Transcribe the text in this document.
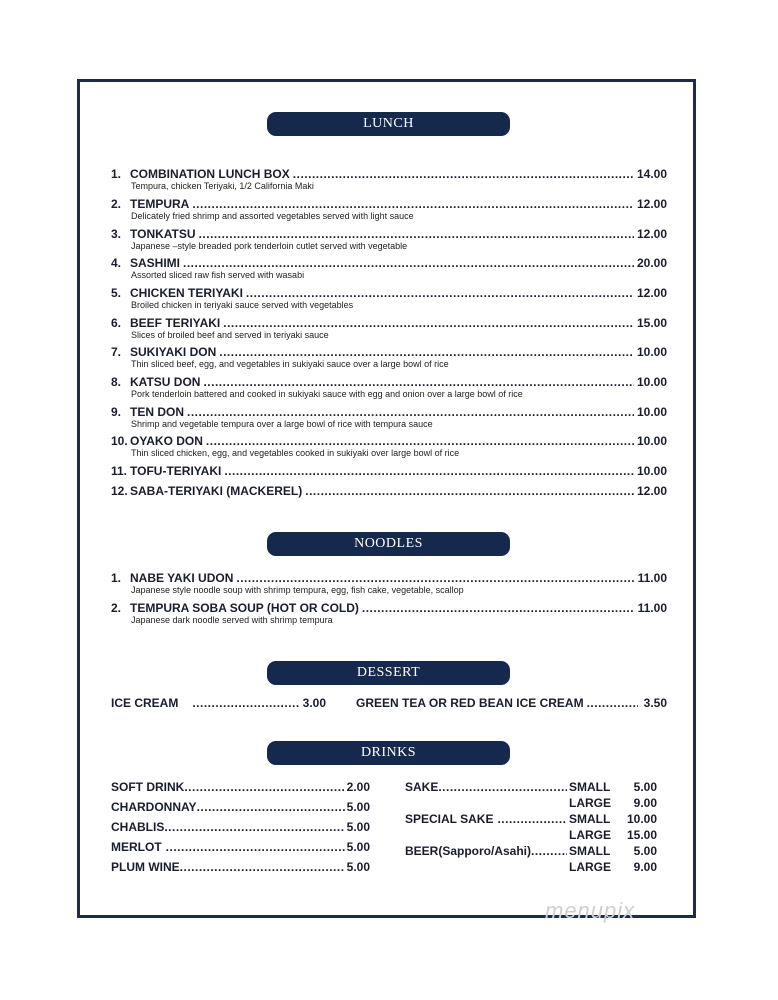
LUNCH
1. COMBINATION LUNCH BOX .....	14.00
Tempura, chicken Teriyaki, 1/2 California Maki
2. TEMPURA .....	12.00
Delicately fried shrimp and assorted vegetables served with light sauce
3. TONKATSU .....	12.00
Japanese –style breaded pork tenderloin cutlet served with vegetable
4. SASHIMI .....	20.00
Assorted sliced raw fish served with wasabi
5. CHICKEN TERIYAKI .....	12.00
Broiled chicken in teriyaki sauce served with vegetables
6. BEEF TERIYAKI .....	15.00
Slices of broiled beef and served in teriyaki sauce
7. SUKIYAKI DON .....	10.00
Thin sliced beef, egg, and vegetables in sukiyaki sauce over a large bowl of rice
8. KATSU DON .....	10.00
Pork tenderloin battered and cooked in sukiyaki sauce with egg and onion over a large bowl of rice
9. TEN DON .....	10.00
Shrimp and vegetable tempura over a large bowl of rice with tempura sauce
10. OYAKO DON .....	10.00
Thin sliced chicken, egg, and vegetables cooked in sukiyaki over large bowl of rice
11. TOFU-TERIYAKI .....	10.00
12. SABA-TERIYAKI (MACKEREL) .....	12.00
NOODLES
1. NABE YAKI UDON .....	11.00
Japanese style noodle soup with shrimp tempura, egg, fish cake, vegetable, scallop
2. TEMPURA SOBA SOUP (HOT OR COLD) .....	11.00
Japanese dark noodle served with shrimp tempura
DESSERT
ICE CREAM .....	3.00	GREEN TEA OR RED BEAN ICE CREAM .....	3.50
DRINKS
SOFT DRINK .....	2.00
CHARDONNAY .....	5.00
CHABLIS .....	5.00
MERLOT .....	5.00
PLUM WINE .....	5.00
SAKE .....	SMALL	5.00
LARGE	9.00
SPECIAL SAKE .....	SMALL	10.00
LARGE	15.00
BEER(Sapporo/Asahi) .....	SMALL	5.00
LARGE	9.00
menupix
